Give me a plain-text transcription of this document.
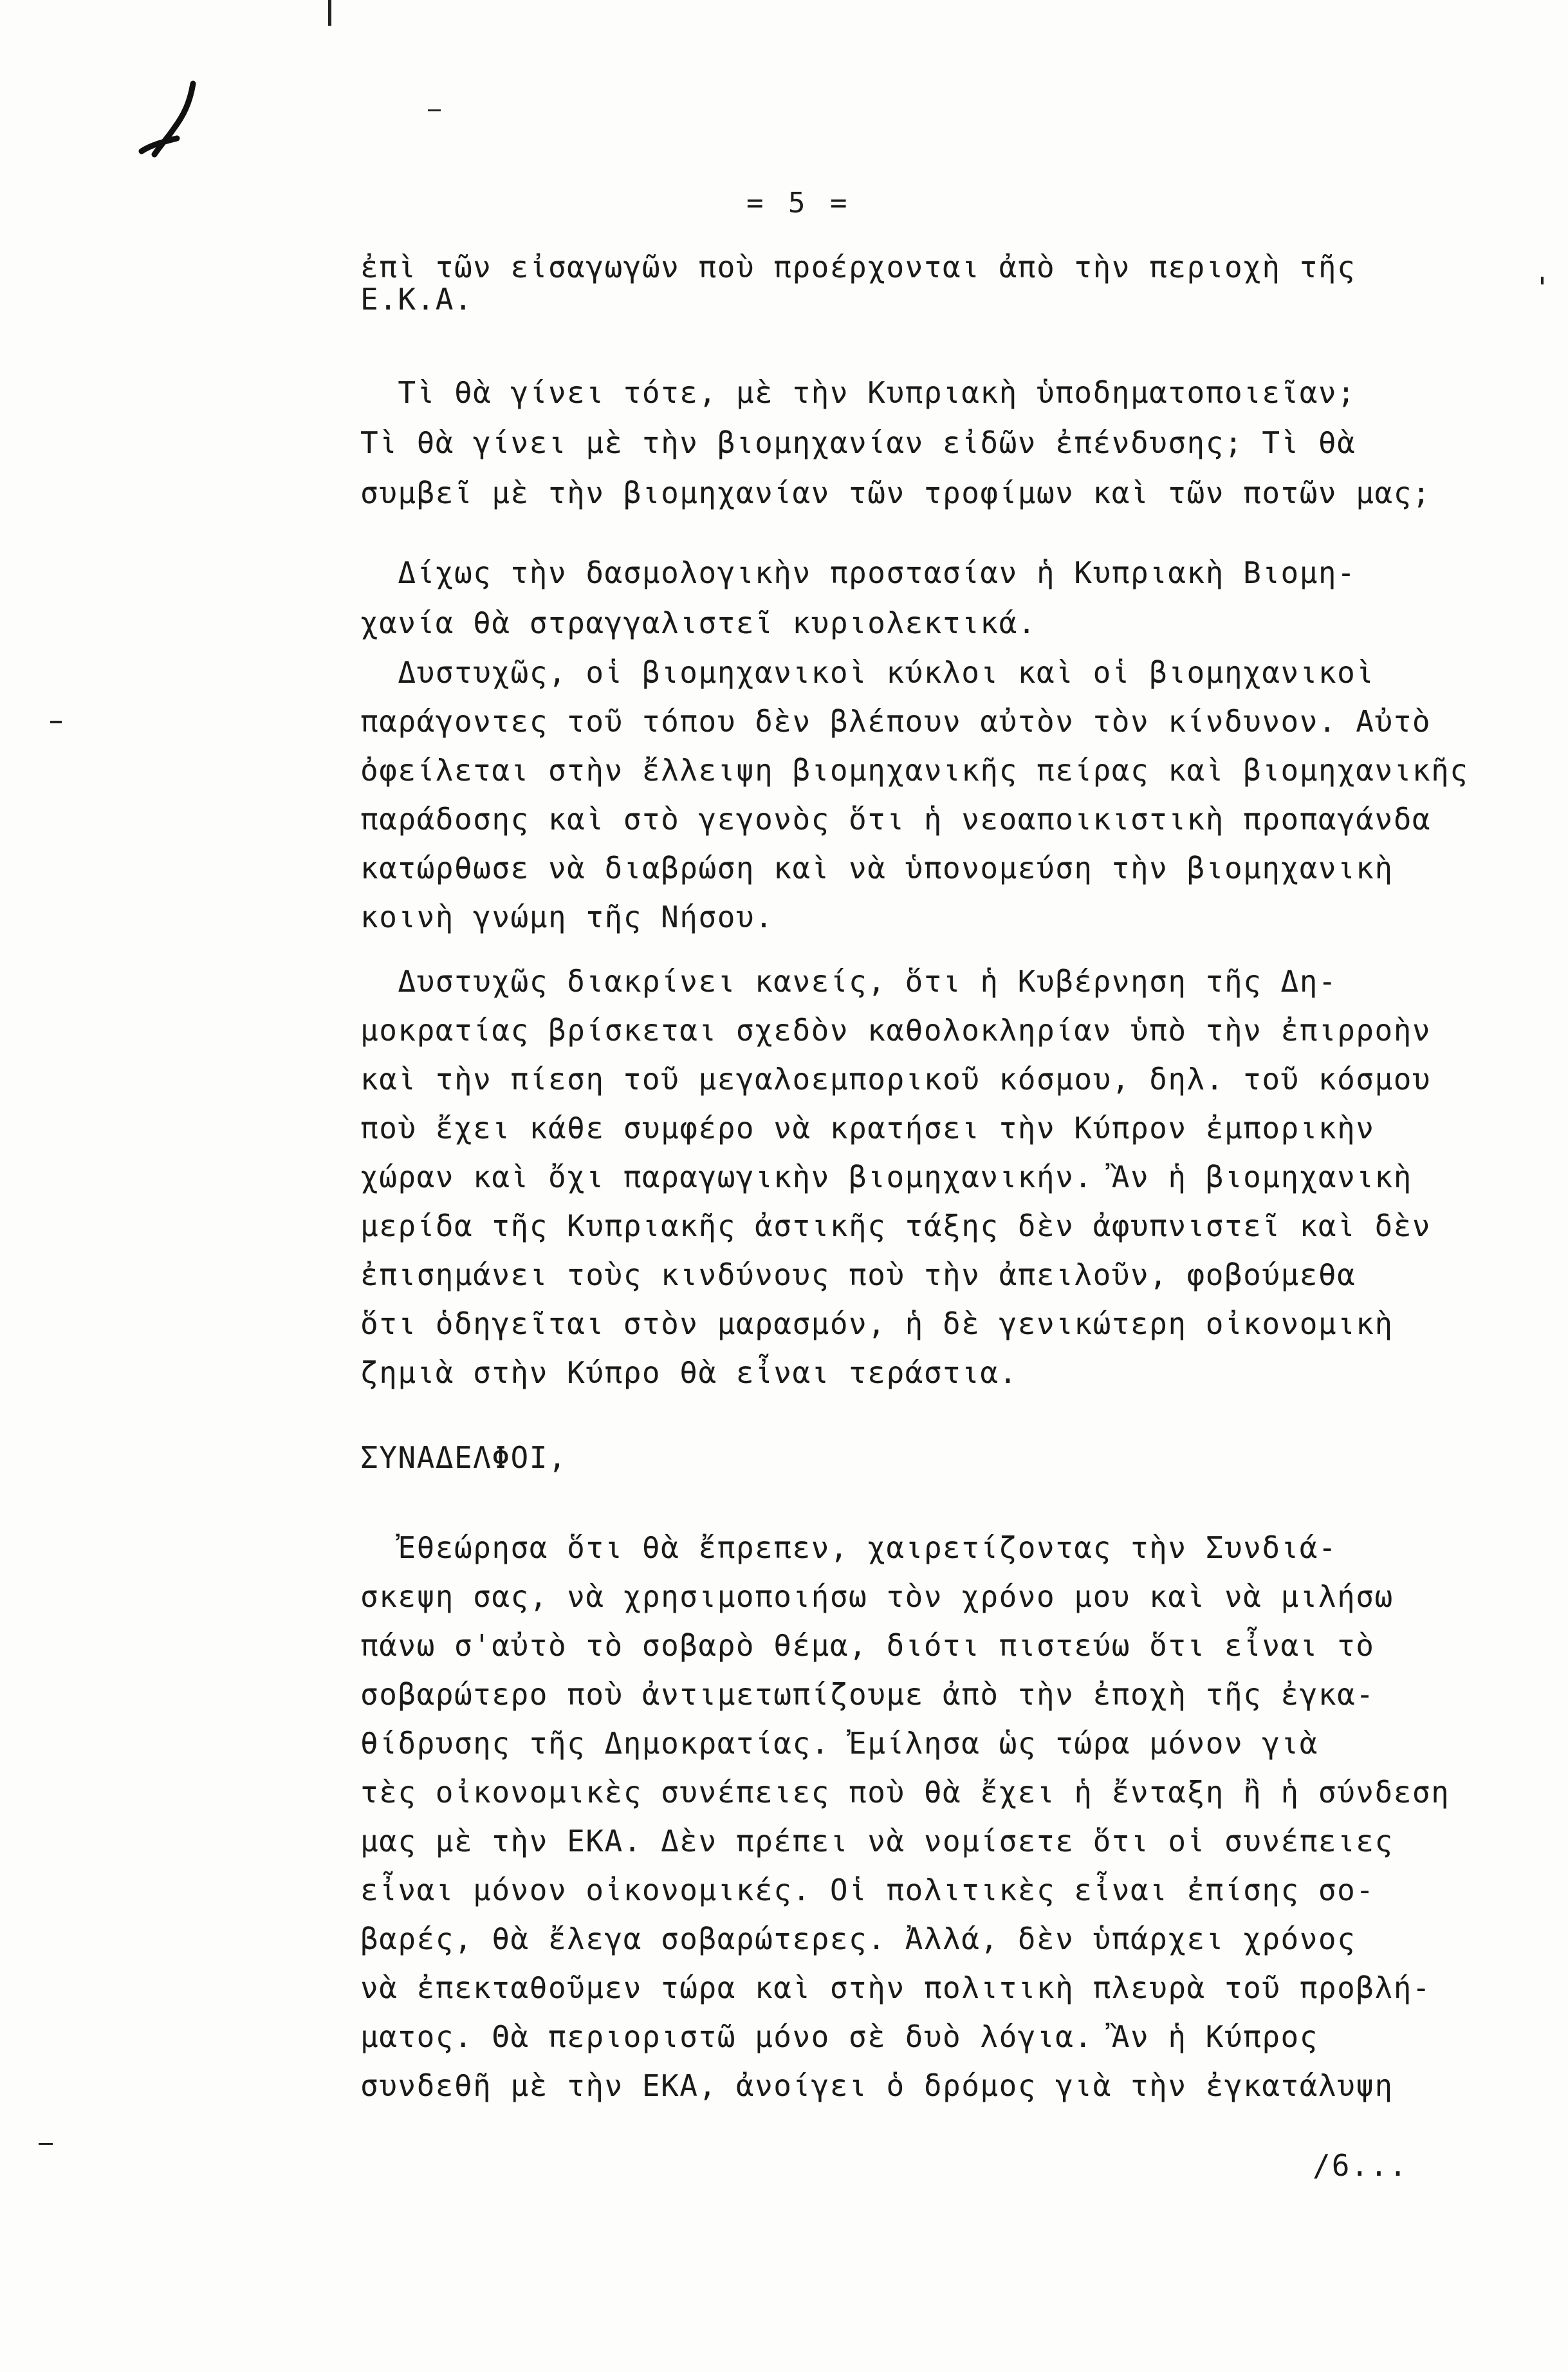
= 5 =
ἐπὶ τῶν εἰσαγωγῶν ποὺ προέρχονται ἀπὸ τὴν περιοχὴ τῆς
Ε.Κ.Α.
Τὶ θὰ γίνει τότε, μὲ τὴν Κυπριακὴ ὑποδηματοποιεῖαν;
Τὶ θὰ γίνει μὲ τὴν βιομηχανίαν εἰδῶν ἐπένδυσης; Τὶ θὰ
συμβεῖ μὲ τὴν βιομηχανίαν τῶν τροφίμων καὶ τῶν ποτῶν μας;
Δίχως τὴν δασμολογικὴν προστασίαν ἡ Κυπριακὴ Βιομη-
χανία θὰ στραγγαλιστεῖ κυριολεκτικά.
Δυστυχῶς, οἱ βιομηχανικοὶ κύκλοι καὶ οἱ βιομηχανικοὶ
παράγοντες τοῦ τόπου δὲν βλέπουν αὐτὸν τὸν κίνδυνον. Αὐτὸ
ὀφείλεται στὴν ἔλλειψη βιομηχανικῆς πείρας καὶ βιομηχανικῆς
παράδοσης καὶ στὸ γεγονὸς ὅτι ἡ νεοαποικιστικὴ προπαγάνδα
κατώρθωσε νὰ διαβρώση καὶ νὰ ὑπονομεύση τὴν βιομηχανικὴ
κοινὴ γνώμη τῆς Νήσου.
Δυστυχῶς διακρίνει κανείς, ὅτι ἡ Κυβέρνηση τῆς Δη-
μοκρατίας βρίσκεται σχεδὸν καθολοκληρίαν ὑπὸ τὴν ἐπιρροὴν
καὶ τὴν πίεση τοῦ μεγαλοεμπορικοῦ κόσμου, δηλ. τοῦ κόσμου
ποὺ ἔχει κάθε συμφέρο νὰ κρατήσει τὴν Κύπρον ἐμπορικὴν
χώραν καὶ ὄχι παραγωγικὴν βιομηχανικήν. Ἂν ἡ βιομηχανικὴ
μερίδα τῆς Κυπριακῆς ἀστικῆς τάξης δὲν ἀφυπνιστεῖ καὶ δὲν
ἐπισημάνει τοὺς κινδύνους ποὺ τὴν ἀπειλοῦν, φοβούμεθα
ὅτι ὁδηγεῖται στὸν μαρασμόν, ἡ δὲ γενικώτερη οἰκονομικὴ
ζημιὰ στὴν Κύπρο θὰ εἶναι τεράστια.
ΣΥΝΑΔΕΛΦΟΙ,
Ἐθεώρησα ὅτι θὰ ἔπρεπεν, χαιρετίζοντας τὴν Συνδιά-
σκεψη σας, νὰ χρησιμοποιήσω τὸν χρόνο μου καὶ νὰ μιλήσω
πάνω σ'αὐτὸ τὸ σοβαρὸ θέμα, διότι πιστεύω ὅτι εἶναι τὸ
σοβαρώτερο ποὺ ἀντιμετωπίζουμε ἀπὸ τὴν ἐποχὴ τῆς ἐγκα-
θίδρυσης τῆς Δημοκρατίας. Ἐμίλησα ὡς τώρα μόνον γιὰ
τὲς οἰκονομικὲς συνέπειες ποὺ θὰ ἔχει ἡ ἔνταξη ἢ ἡ σύνδεση
μας μὲ τὴν ΕΚΑ. Δὲν πρέπει νὰ νομίσετε ὅτι οἱ συνέπειες
εἶναι μόνον οἰκονομικές. Οἱ πολιτικὲς εἶναι ἐπίσης σο-
βαρές, θὰ ἔλεγα σοβαρώτερες. Ἀλλά, δὲν ὑπάρχει χρόνος
νὰ ἐπεκταθοῦμεν τώρα καὶ στὴν πολιτικὴ πλευρὰ τοῦ προβλή-
ματος. Θὰ περιοριστῶ μόνο σὲ δυὸ λόγια. Ἂν ἡ Κύπρος
συνδεθῆ μὲ τὴν ΕΚΑ, ἀνοίγει ὁ δρόμος γιὰ τὴν ἐγκατάλυψη
/6...
